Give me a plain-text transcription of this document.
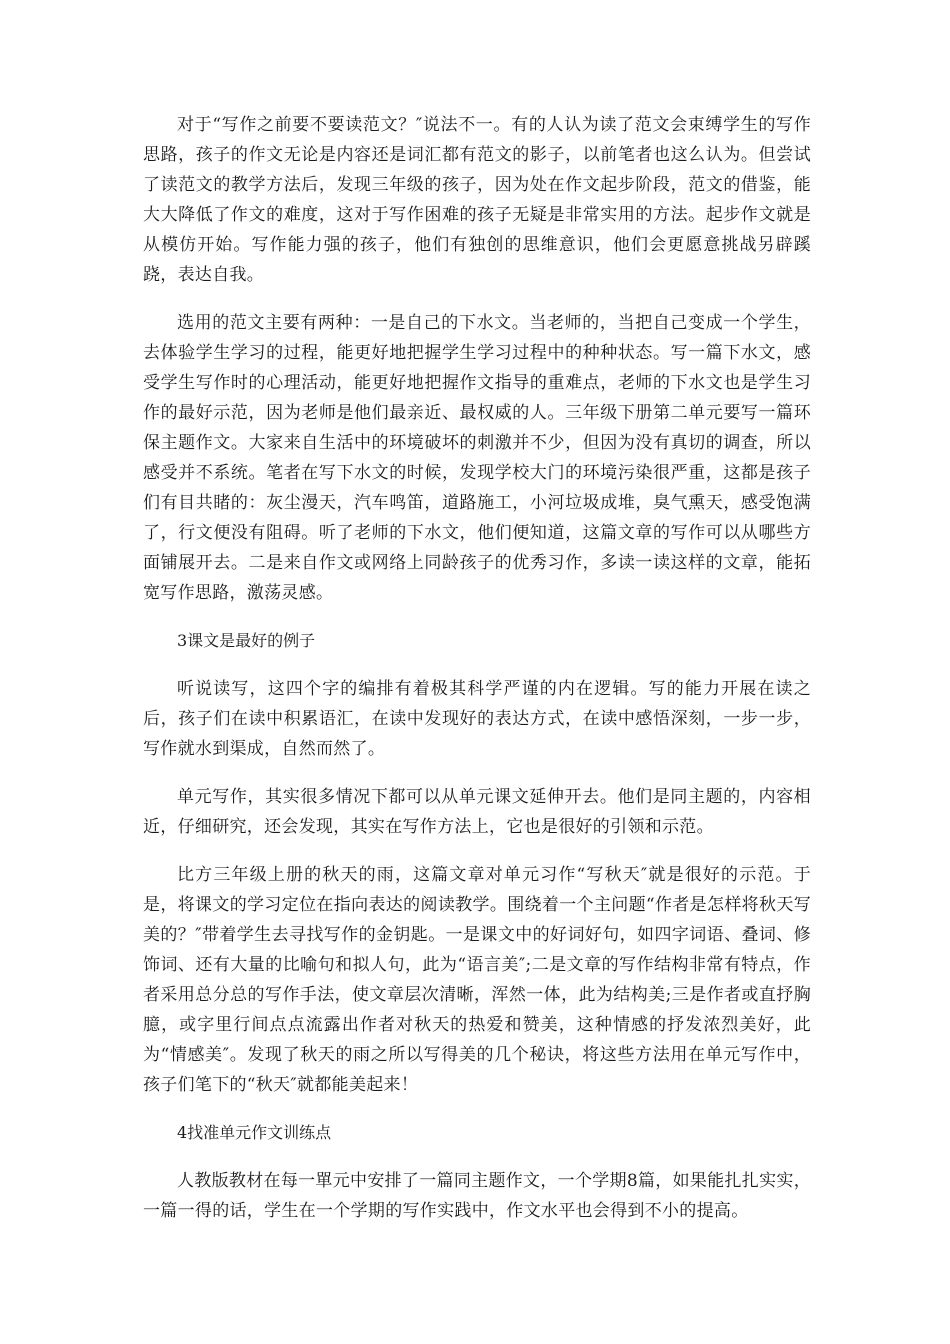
对于“写作之前要不要读范文？″说法不一。有的人认为读了范文会束缚学生的写作思路，孩子的作文无论是内容还是词汇都有范文的影子，以前笔者也这么认为。但尝试了读范文的教学方法后，发现三年级的孩子，因为处在作文起步阶段，范文的借鉴，能大大降低了作文的难度，这对于写作困难的孩子无疑是非常实用的方法。起步作文就是从模仿开始。写作能力强的孩子，他们有独创的思维意识，他们会更愿意挑战另辟蹊跷，表达自我。

选用的范文主要有两种：一是自己的下水文。当老师的，当把自己变成一个学生，去体验学生学习的过程，能更好地把握学生学习过程中的种种状态。写一篇下水文，感受学生写作时的心理活动，能更好地把握作文指导的重难点，老师的下水文也是学生习作的最好示范，因为老师是他们最亲近、最权威的人。三年级下册第二单元要写一篇环保主题作文。大家来自生活中的环境破坏的刺激并不少，但因为没有真切的调查，所以感受并不系统。笔者在写下水文的时候，发现学校大门的环境污染很严重，这都是孩子们有目共睹的：灰尘漫天，汽车鸣笛，道路施工，小河垃圾成堆，臭气熏天，感受饱满了，行文便没有阻碍。听了老师的下水文，他们便知道，这篇文章的写作可以从哪些方面铺展开去。二是来自作文或网络上同龄孩子的优秀习作，多读一读这样的文章，能拓宽写作思路，激荡灵感。

3课文是最好的例子

听说读写，这四个字的编排有着极其科学严谨的内在逻辑。写的能力开展在读之后，孩子们在读中积累语汇，在读中发现好的表达方式，在读中感悟深刻，一步一步，写作就水到渠成，自然而然了。

单元写作，其实很多情况下都可以从单元课文延伸开去。他们是同主题的，内容相近，仔细研究，还会发现，其实在写作方法上，它也是很好的引领和示范。

比方三年级上册的秋天的雨，这篇文章对单元习作“写秋天″就是很好的示范。于是，将课文的学习定位在指向表达的阅读教学。围绕着一个主问题“作者是怎样将秋天写美的？″带着学生去寻找写作的金钥匙。一是课文中的好词好句，如四字词语、叠词、修饰词、还有大量的比喻句和拟人句，此为“语言美″;二是文章的写作结构非常有特点，作者采用总分总的写作手法，使文章层次清晰，浑然一体，此为结构美;三是作者或直抒胸臆，或字里行间点点流露出作者对秋天的热爱和赞美，这种情感的抒发浓烈美好，此为“情感美″。发现了秋天的雨之所以写得美的几个秘诀，将这些方法用在单元写作中，孩子们笔下的“秋天″就都能美起来！

4找准单元作文训练点

人教版教材在每一單元中安排了一篇同主题作文，一个学期8篇，如果能扎扎实实，一篇一得的话，学生在一个学期的写作实践中，作文水平也会得到不小的提高。
